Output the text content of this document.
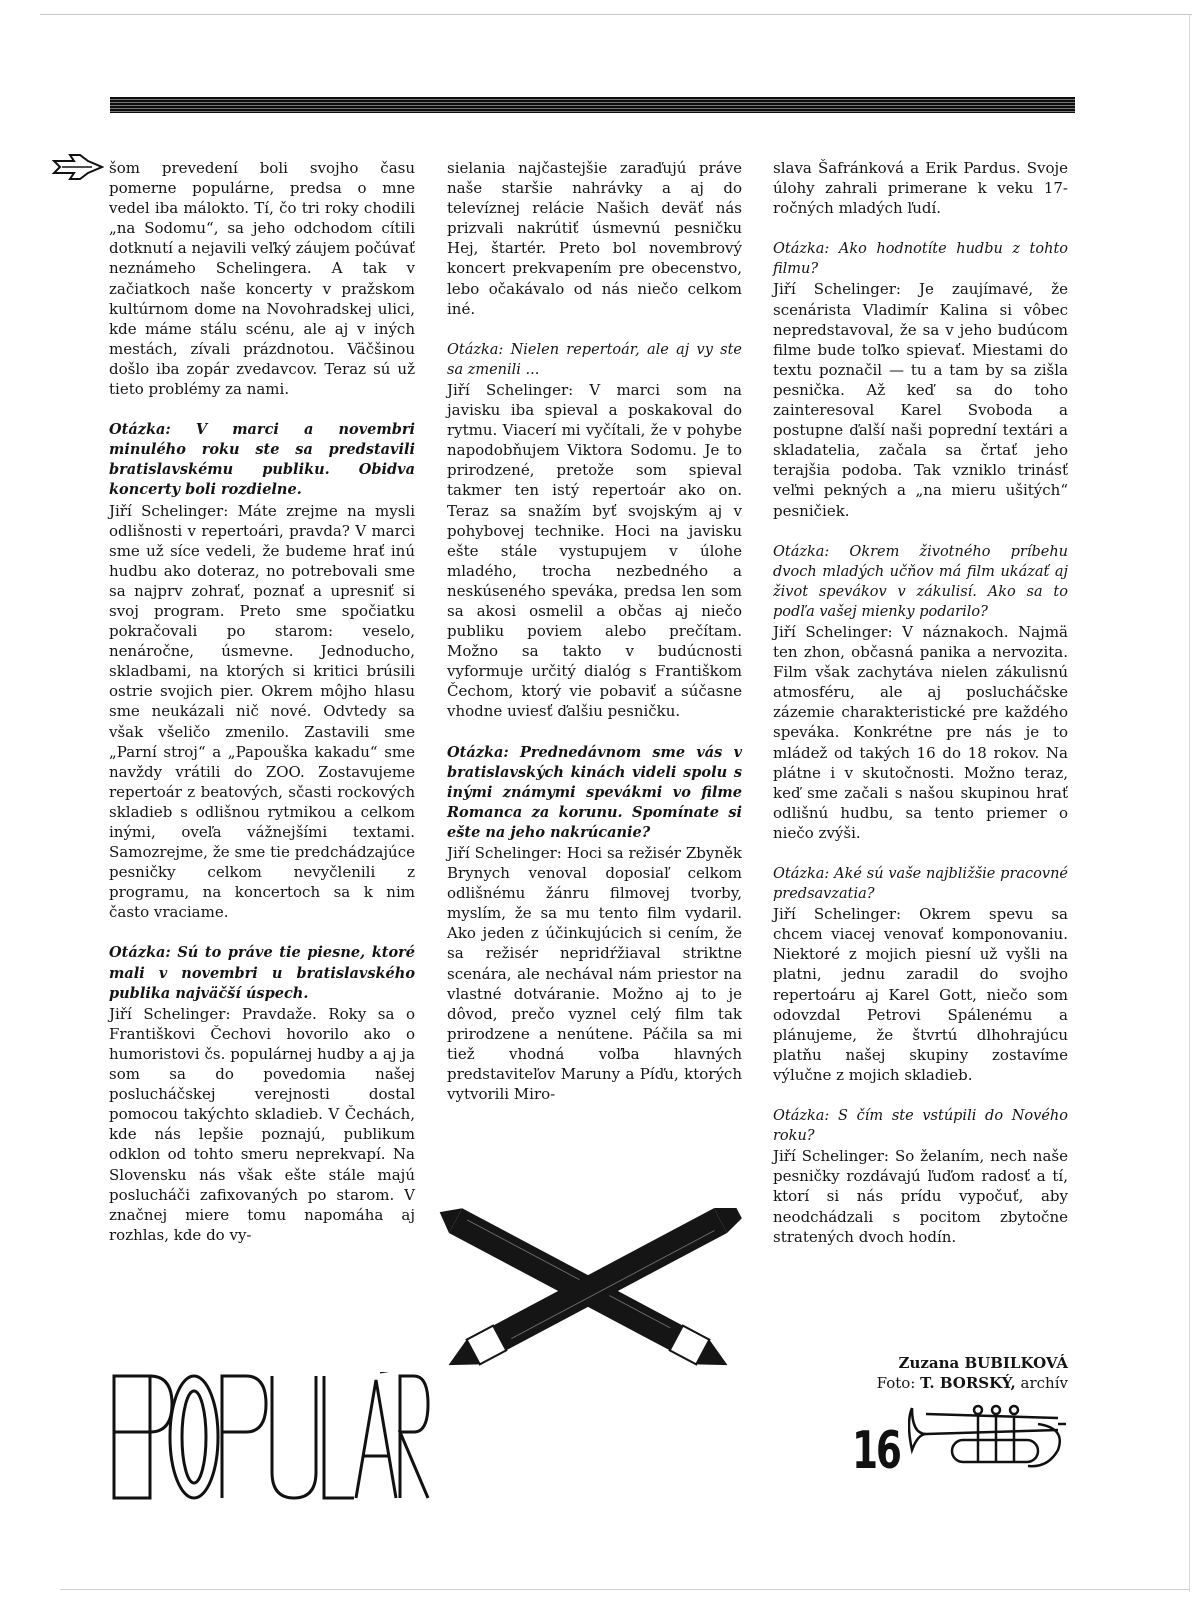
šom prevedení boli svojho času pomerne populárne, predsa o mne vedel iba málokto. Tí, čo tri roky chodili „na Sodomu“, sa jeho odchodom cítili dotknutí a nejavili veľký záujem počúvať neznámeho Schelingera. A tak v začiatkoch naše koncerty v pražskom kultúrnom dome na Novohradskej ulici, kde máme stálu scénu, ale aj v iných mestách, zívali prázdnotou. Väčšinou došlo iba zopár zvedavcov. Teraz sú už tieto problémy za nami.

Otázka: V marci a novembri minulého roku ste sa predstavili bratislavskému publiku. Obidva koncerty boli rozdielne.

Jiří Schelinger: Máte zrejme na mysli odlišnosti v repertoári, pravda? V marci sme už síce vedeli, že budeme hrať inú hudbu ako doteraz, no potrebovali sme sa najprv zohrať, poznať a upresniť si svoj program. Preto sme spočiatku pokračovali po starom: veselo, nenáročne, úsmevne. Jednoducho, skladbami, na ktorých si kritici brúsili ostrie svojich pier. Okrem môjho hlasu sme neukázali nič nové. Odvtedy sa však všeličo zmenilo. Zastavili sme „Parní stroj“ a „Papouška kakadu“ sme navždy vrátili do ZOO. Zostavujeme repertoár z beatových, sčasti rockových skladieb s odlišnou rytmikou a celkom inými, oveľa vážnejšími textami. Samozrejme, že sme tie predchádzajúce pesničky celkom nevyčlenili z programu, na koncertoch sa k nim často vraciame.

Otázka: Sú to práve tie piesne, ktoré mali v novembri u bratislavského publika najväčší úspech.

Jiří Schelinger: Pravdaže. Roky sa o Františkovi Čechovi hovorilo ako o humoristovi čs. populárnej hudby a aj ja som sa do povedomia našej poslucháčskej verejnosti dostal pomocou takýchto skladieb. V Čechách, kde nás lepšie poznajú, publikum odklon od tohto smeru neprekvapí. Na Slovensku nás však ešte stále majú poslucháči zafixovaných po starom. V značnej miere tomu napomáha aj rozhlas, kde do vy-

sielania najčastejšie zaraďujú práve naše staršie nahrávky a aj do televíznej relácie Našich deväť nás prizvali nakrútiť úsmevnú pesničku Hej, štartér. Preto bol novembrový koncert prekvapením pre obecenstvo, lebo očakávalo od nás niečo celkom iné.

Otázka: Nielen repertoár, ale aj vy ste sa zmenili ...

Jiří Schelinger: V marci som na javisku iba spieval a poskakoval do rytmu. Viacerí mi vyčítali, že v pohybe napodobňujem Viktora Sodomu. Je to prirodzené, pretože som spieval takmer ten istý repertoár ako on. Teraz sa snažím byť svojským aj v pohybovej technike. Hoci na javisku ešte stále vystupujem v úlohe mladého, trocha nezbedného a neskúseného speváka, predsa len som sa akosi osmelil a občas aj niečo publiku poviem alebo prečítam. Možno sa takto v budúcnosti vyformuje určitý dialóg s Františkom Čechom, ktorý vie pobaviť a súčasne vhodne uviesť ďalšiu pesničku.

Otázka: Prednedávnom sme vás v bratislavských kinách videli spolu s inými známymi spevákmi vo filme Romanca za korunu. Spomínate si ešte na jeho nakrúcanie?

Jiří Schelinger: Hoci sa režisér Zbyněk Brynych venoval doposiaľ celkom odlišnému žánru filmovej tvorby, myslím, že sa mu tento film vydaril. Ako jeden z účinkujúcich si cením, že sa režisér nepridŕžiaval striktne scenára, ale nechával nám priestor na vlastné dotváranie. Možno aj to je dôvod, prečo vyznel celý film tak prirodzene a nenútene. Páčila sa mi tiež vhodná voľba hlavných predstaviteľov Maruny a Píďu, ktorých vytvorili Miro-

slava Šafránková a Erik Pardus. Svoje úlohy zahrali primerane k veku 17-ročných mladých ľudí.

Otázka: Ako hodnotíte hudbu z tohto filmu?

Jiří Schelinger: Je zaujímavé, že scenárista Vladimír Kalina si vôbec nepredstavoval, že sa v jeho budúcom filme bude toľko spievať. Miestami do textu poznačil — tu a tam by sa zišla pesnička. Až keď sa do toho zainteresoval Karel Svoboda a postupne ďalší naši poprední textári a skladatelia, začala sa črtať jeho terajšia podoba. Tak vzniklo trinásť veľmi pekných a „na mieru ušitých“ pesničiek.

Otázka: Okrem životného príbehu dvoch mladých učňov má film ukázať aj život spevákov v zákulisí. Ako sa to podľa vašej mienky podarilo?

Jiří Schelinger: V náznakoch. Najmä ten zhon, občasná panika a nervozita. Film však zachytáva nielen zákulisnú atmosféru, ale aj poslucháčske zázemie charakteristické pre každého speváka. Konkrétne pre nás je to mládež od takých 16 do 18 rokov. Na plátne i v skutočnosti. Možno teraz, keď sme začali s našou skupinou hrať odlišnú hudbu, sa tento priemer o niečo zvýši.

Otázka: Aké sú vaše najbližšie pracovné predsavzatia?

Jiří Schelinger: Okrem spevu sa chcem viacej venovať komponovaniu. Niektoré z mojich piesní už vyšli na platni, jednu zaradil do svojho repertoáru aj Karel Gott, niečo som odovzdal Petrovi Spálenému a plánujeme, že štvrtú dlhohrajúcu platňu našej skupiny zostavíme výlučne z mojich skladieb.

Otázka: S čím ste vstúpili do Nového roku?

Jiří Schelinger: So želaním, nech naše pesničky rozdávajú ľuďom radosť a tí, ktorí si nás prídu vypočuť, aby neodchádzali s pocitom zbytočne stratených dvoch hodín.

Zuzana BUBILKOVÁ
Foto: T. BORSKÝ, archív
POPULÁR
16
